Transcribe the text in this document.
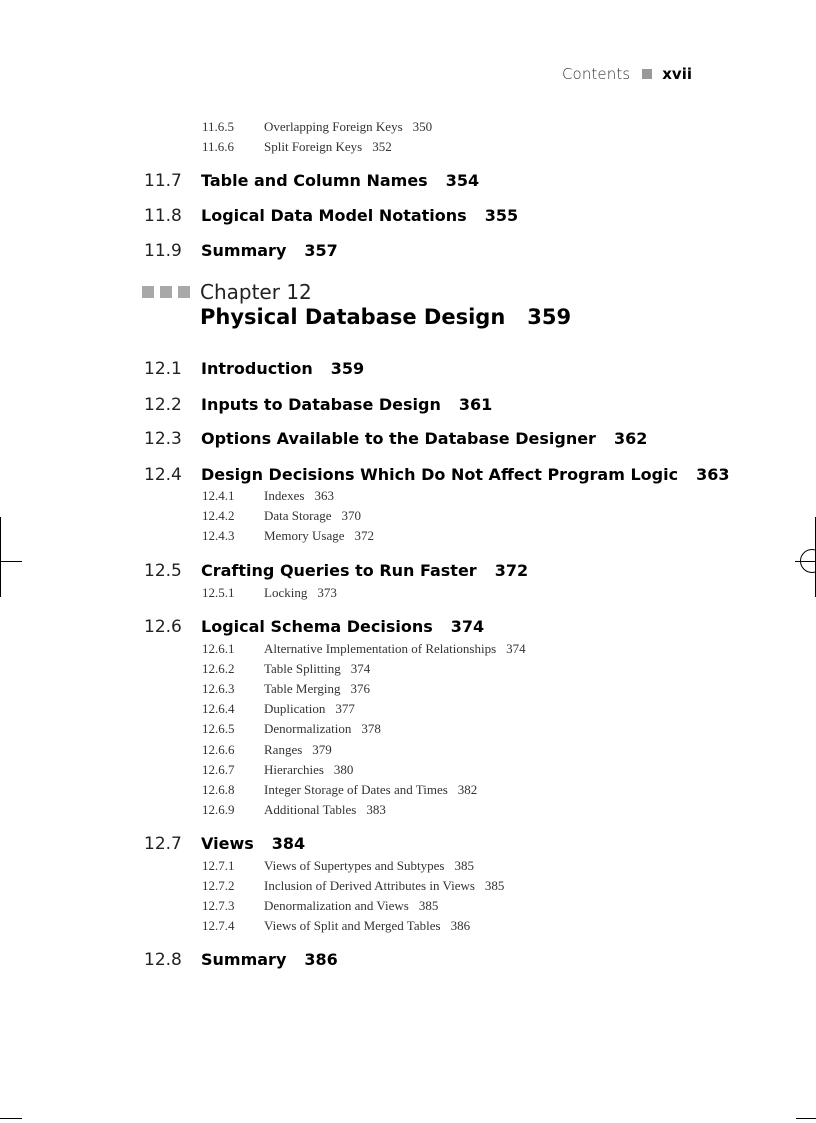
Contents xvii
11.6.5 Overlapping Foreign Keys 350
11.6.6 Split Foreign Keys 352
11.7	Table and Column Names 354
11.8	Logical Data Model Notations 355
11.9	Summary 357
Chapter 12
Physical Database Design 359
12.1	Introduction 359
12.2	Inputs to Database Design 361
12.3	Options Available to the Database Designer 362
12.4	Design Decisions Which Do Not Affect Program Logic 363
12.4.1 Indexes 363
12.4.2 Data Storage 370
12.4.3 Memory Usage 372
12.5	Crafting Queries to Run Faster 372
12.5.1 Locking 373
12.6	Logical Schema Decisions 374
12.6.1 Alternative Implementation of Relationships 374
12.6.2 Table Splitting 374
12.6.3 Table Merging 376
12.6.4 Duplication 377
12.6.5 Denormalization 378
12.6.6 Ranges 379
12.6.7 Hierarchies 380
12.6.8 Integer Storage of Dates and Times 382
12.6.9 Additional Tables 383
12.7	Views 384
12.7.1 Views of Supertypes and Subtypes 385
12.7.2 Inclusion of Derived Attributes in Views 385
12.7.3 Denormalization and Views 385
12.7.4 Views of Split and Merged Tables 386
12.8	Summary 386
